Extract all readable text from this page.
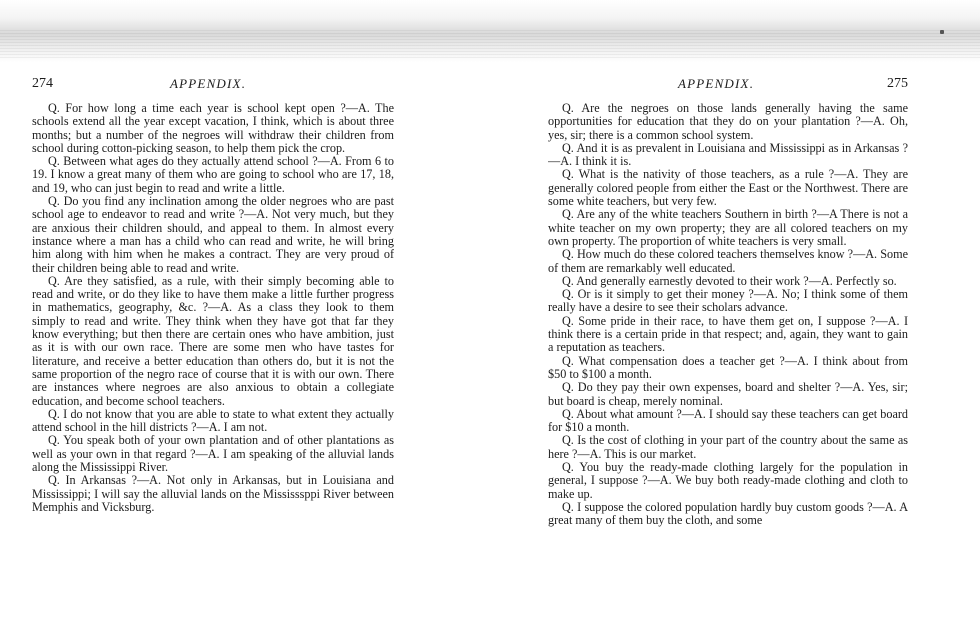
274	APPENDIX.

Q. For how long a time each year is school kept open ?—A. The schools extend all the year except vacation, I think, which is about three months; but a number of the negroes will withdraw their children from school during cotton-picking season, to help them pick the crop.

Q. Between what ages do they actually attend school ?—A. From 6 to 19. I know a great many of them who are going to school who are 17, 18, and 19, who can just begin to read and write a little.

Q. Do you find any inclination among the older negroes who are past school age to endeavor to read and write ?—A. Not very much, but they are anxious their children should, and appeal to them. In almost every instance where a man has a child who can read and write, he will bring him along with him when he makes a contract. They are very proud of their children being able to read and write.

Q. Are they satisfied, as a rule, with their simply becoming able to read and write, or do they like to have them make a little further progress in mathematics, geography, &c. ?—A. As a class they look to them simply to read and write. They think when they have got that far they know everything; but then there are certain ones who have ambition, just as it is with our own race. There are some men who have tastes for literature, and receive a better education than others do, but it is not the same proportion of the negro race of course that it is with our own. There are instances where negroes are also anxious to obtain a collegiate education, and become school teachers.

Q. I do not know that you are able to state to what extent they actually attend school in the hill districts ?—A. I am not.

Q. You speak both of your own plantation and of other plantations as well as your own in that regard ?—A. I am speaking of the alluvial lands along the Mississippi River.

Q. In Arkansas ?—A. Not only in Arkansas, but in Louisiana and Mississippi; I will say the alluvial lands on the Mississsppi River between Memphis and Vicksburg.

APPENDIX.	275

Q. Are the negroes on those lands generally having the same opportunities for education that they do on your plantation ?—A. Oh, yes, sir; there is a common school system.

Q. And it is as prevalent in Louisiana and Mississippi as in Arkansas ?—A. I think it is.

Q. What is the nativity of those teachers, as a rule ?—A. They are generally colored people from either the East or the Northwest. There are some white teachers, but very few.

Q. Are any of the white teachers Southern in birth ?—A There is not a white teacher on my own property; they are all colored teachers on my own property. The proportion of white teachers is very small.

Q. How much do these colored teachers themselves know ?—A. Some of them are remarkably well educated.

Q. And generally earnestly devoted to their work ?—A. Perfectly so.

Q. Or is it simply to get their money ?—A. No; I think some of them really have a desire to see their scholars advance.

Q. Some pride in their race, to have them get on, I suppose ?—A. I think there is a certain pride in that respect; and, again, they want to gain a reputation as teachers.

Q. What compensation does a teacher get ?—A. I think about from $50 to $100 a month.

Q. Do they pay their own expenses, board and shelter ?—A. Yes, sir; but board is cheap, merely nominal.

Q. About what amount ?—A. I should say these teachers can get board for $10 a month.

Q. Is the cost of clothing in your part of the country about the same as here ?—A. This is our market.

Q. You buy the ready-made clothing largely for the population in general, I suppose ?—A. We buy both ready-made clothing and cloth to make up.

Q. I suppose the colored population hardly buy custom goods ?—A. A great many of them buy the cloth, and some
